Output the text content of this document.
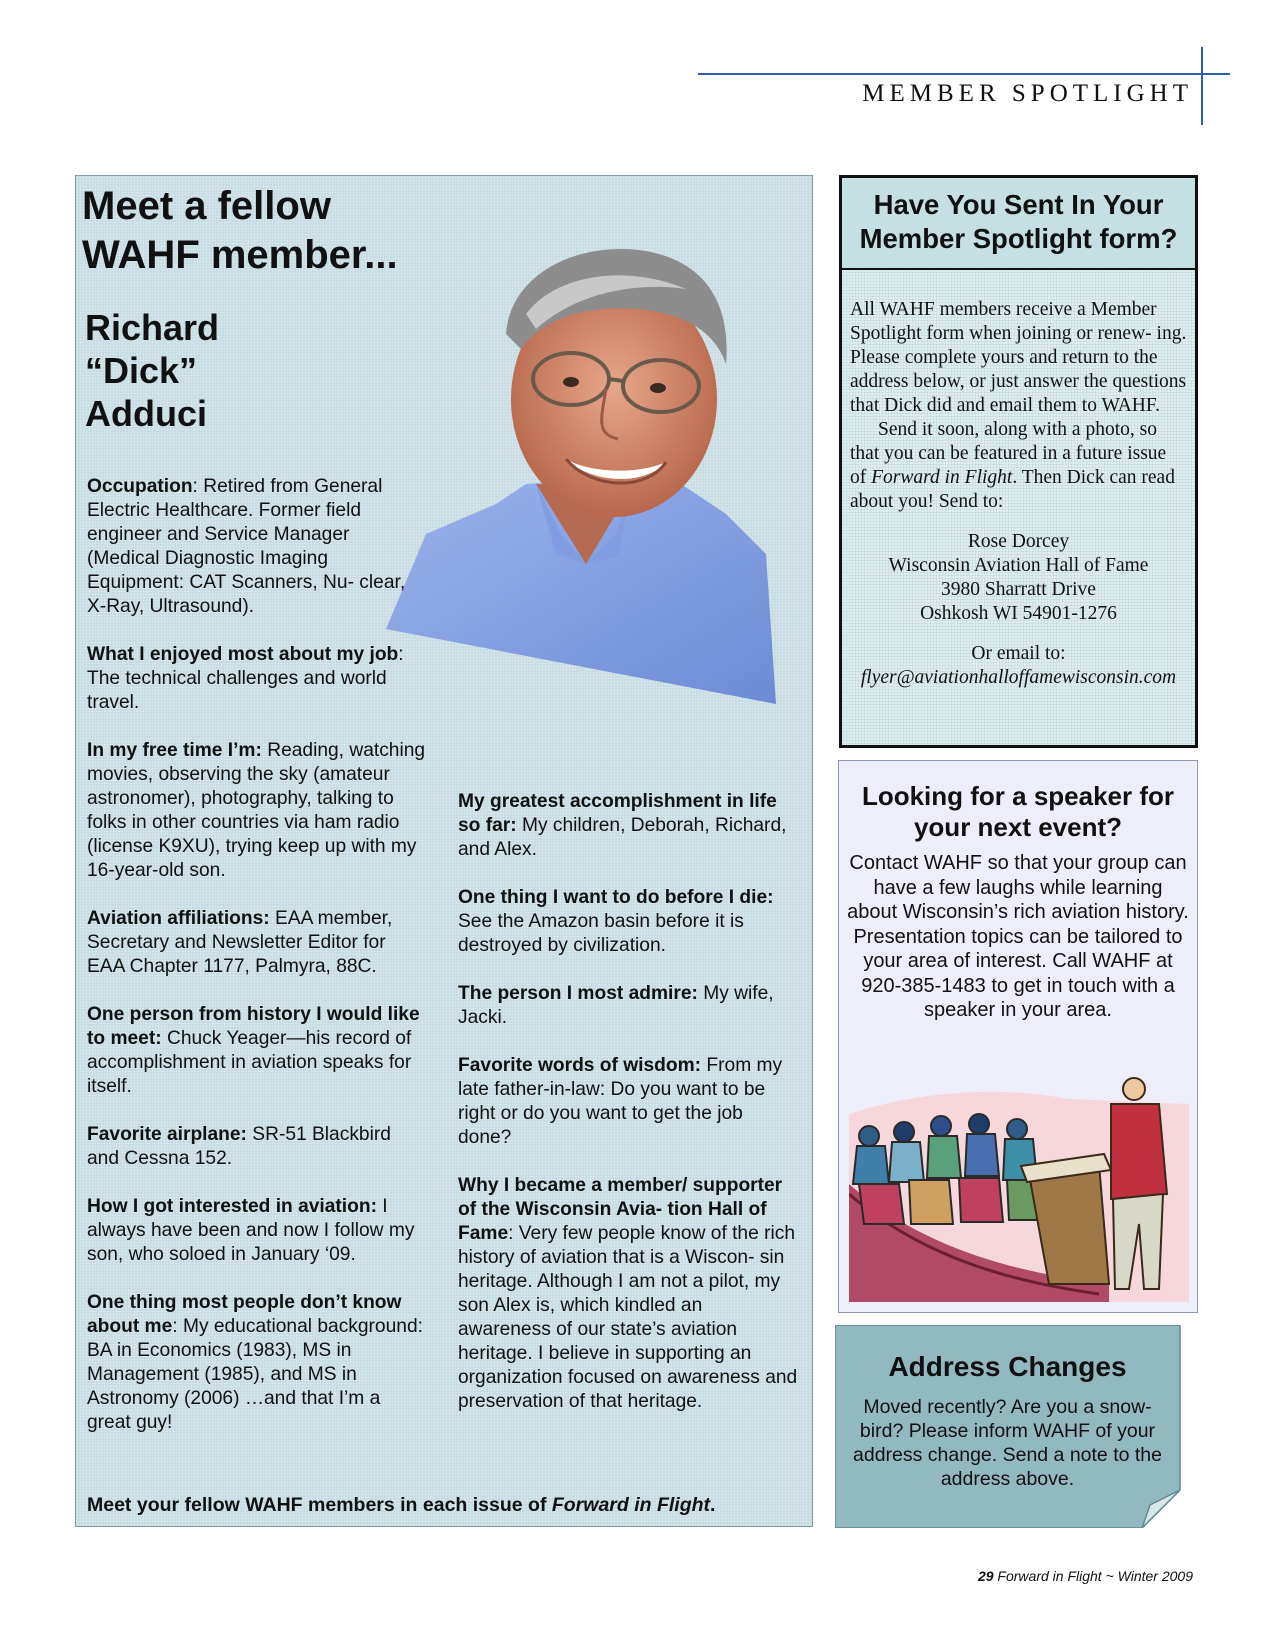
MEMBER SPOTLIGHT
Meet a fellow
WAHF member...
Richard
“Dick”
Adduci

Occupation: Retired from General Electric Healthcare. Former field engineer and Service Manager (Medical Diagnostic Imaging Equipment: CAT Scanners, Nu- clear, X-Ray, Ultrasound).

What I enjoyed most about my job: The technical challenges and world travel.

In my free time I’m: Reading, watching movies, observing the sky (amateur astronomer), photography, talking to folks in other countries via ham radio (license K9XU), trying keep up with my 16-year-old son.

Aviation affiliations: EAA member, Secretary and Newsletter Editor for EAA Chapter 1177, Palmyra, 88C.

One person from history I would like to meet: Chuck Yeager—his record of accomplishment in aviation speaks for itself.

Favorite airplane: SR-51 Blackbird and Cessna 152.

How I got interested in aviation: I always have been and now I follow my son, who soloed in January ‘09.

One thing most people don’t know about me: My educational background: BA in Economics (1983), MS in Management (1985), and MS in Astronomy (2006) …and that I’m a great guy!

My greatest accomplishment in life so far: My children, Deborah, Richard, and Alex.

One thing I want to do before I die: See the Amazon basin before it is destroyed by civilization.

The person I most admire: My wife, Jacki.

Favorite words of wisdom: From my late father-in-law: Do you want to be right or do you want to get the job done?

Why I became a member/ supporter of the Wisconsin Avia- tion Hall of Fame: Very few people know of the rich history of aviation that is a Wiscon- sin heritage. Although I am not a pilot, my son Alex is, which kindled an awareness of our state’s aviation heritage. I believe in supporting an organization focused on awareness and preservation of that heritage.

Meet your fellow WAHF members in each issue of Forward in Flight.
Have You Sent In Your Member Spotlight form?

All WAHF members receive a Member Spotlight form when joining or renew- ing. Please complete yours and return to the address below, or just answer the questions that Dick did and email them to WAHF.

Send it soon, along with a photo, so that you can be featured in a future issue of Forward in Flight. Then Dick can read about you! Send to:

Rose Dorcey
Wisconsin Aviation Hall of Fame
3980 Sharratt Drive
Oshkosh WI 54901-1276

Or email to:
flyer@aviationhalloffamewisconsin.com

Looking for a speaker for your next event?

Contact WAHF so that your group can have a few laughs while learning about Wisconsin’s rich aviation history. Presentation topics can be tailored to your area of interest. Call WAHF at 920-385-1483 to get in touch with a speaker in your area.

Address Changes

Moved recently? Are you a snow- bird? Please inform WAHF of your address change. Send a note to the address above.

29 Forward in Flight ~ Winter 2009
